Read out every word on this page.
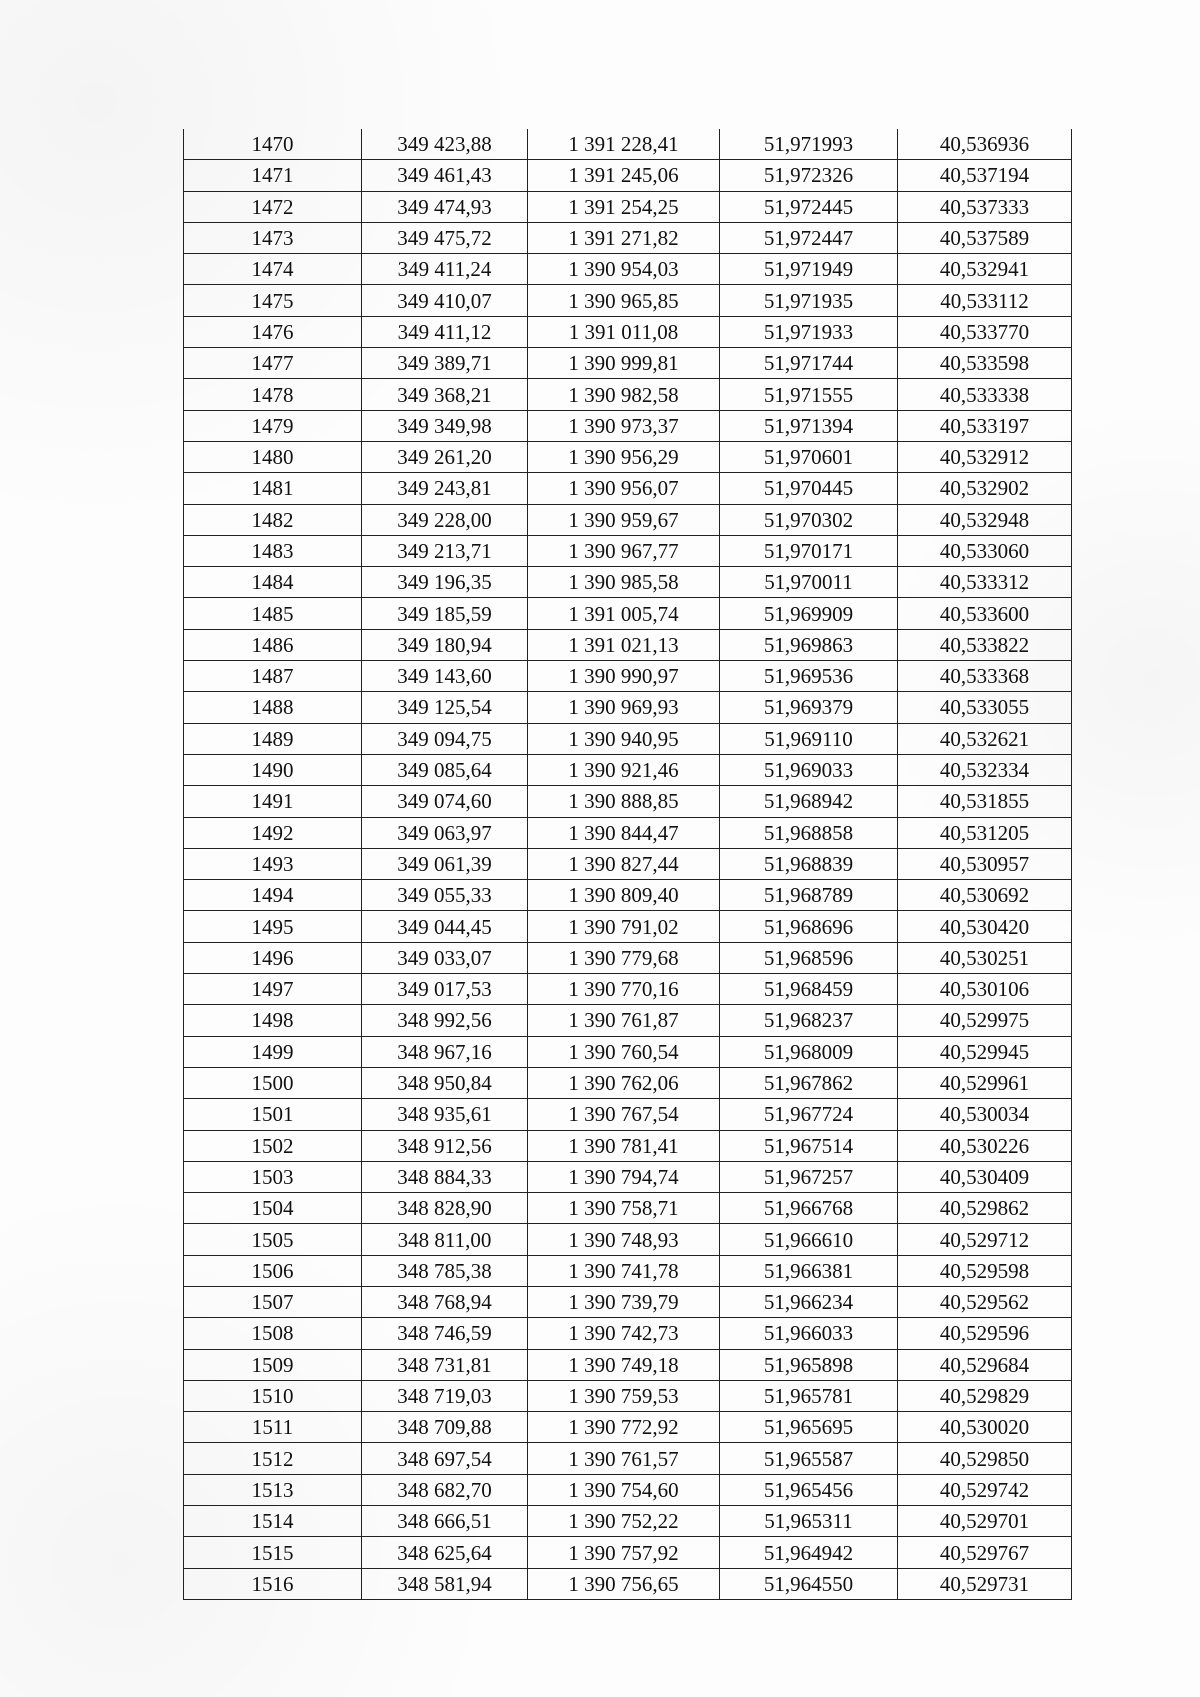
1470	349 423,88	1 391 228,41	51,971993	40,536936
1471	349 461,43	1 391 245,06	51,972326	40,537194
1472	349 474,93	1 391 254,25	51,972445	40,537333
1473	349 475,72	1 391 271,82	51,972447	40,537589
1474	349 411,24	1 390 954,03	51,971949	40,532941
1475	349 410,07	1 390 965,85	51,971935	40,533112
1476	349 411,12	1 391 011,08	51,971933	40,533770
1477	349 389,71	1 390 999,81	51,971744	40,533598
1478	349 368,21	1 390 982,58	51,971555	40,533338
1479	349 349,98	1 390 973,37	51,971394	40,533197
1480	349 261,20	1 390 956,29	51,970601	40,532912
1481	349 243,81	1 390 956,07	51,970445	40,532902
1482	349 228,00	1 390 959,67	51,970302	40,532948
1483	349 213,71	1 390 967,77	51,970171	40,533060
1484	349 196,35	1 390 985,58	51,970011	40,533312
1485	349 185,59	1 391 005,74	51,969909	40,533600
1486	349 180,94	1 391 021,13	51,969863	40,533822
1487	349 143,60	1 390 990,97	51,969536	40,533368
1488	349 125,54	1 390 969,93	51,969379	40,533055
1489	349 094,75	1 390 940,95	51,969110	40,532621
1490	349 085,64	1 390 921,46	51,969033	40,532334
1491	349 074,60	1 390 888,85	51,968942	40,531855
1492	349 063,97	1 390 844,47	51,968858	40,531205
1493	349 061,39	1 390 827,44	51,968839	40,530957
1494	349 055,33	1 390 809,40	51,968789	40,530692
1495	349 044,45	1 390 791,02	51,968696	40,530420
1496	349 033,07	1 390 779,68	51,968596	40,530251
1497	349 017,53	1 390 770,16	51,968459	40,530106
1498	348 992,56	1 390 761,87	51,968237	40,529975
1499	348 967,16	1 390 760,54	51,968009	40,529945
1500	348 950,84	1 390 762,06	51,967862	40,529961
1501	348 935,61	1 390 767,54	51,967724	40,530034
1502	348 912,56	1 390 781,41	51,967514	40,530226
1503	348 884,33	1 390 794,74	51,967257	40,530409
1504	348 828,90	1 390 758,71	51,966768	40,529862
1505	348 811,00	1 390 748,93	51,966610	40,529712
1506	348 785,38	1 390 741,78	51,966381	40,529598
1507	348 768,94	1 390 739,79	51,966234	40,529562
1508	348 746,59	1 390 742,73	51,966033	40,529596
1509	348 731,81	1 390 749,18	51,965898	40,529684
1510	348 719,03	1 390 759,53	51,965781	40,529829
1511	348 709,88	1 390 772,92	51,965695	40,530020
1512	348 697,54	1 390 761,57	51,965587	40,529850
1513	348 682,70	1 390 754,60	51,965456	40,529742
1514	348 666,51	1 390 752,22	51,965311	40,529701
1515	348 625,64	1 390 757,92	51,964942	40,529767
1516	348 581,94	1 390 756,65	51,964550	40,529731
